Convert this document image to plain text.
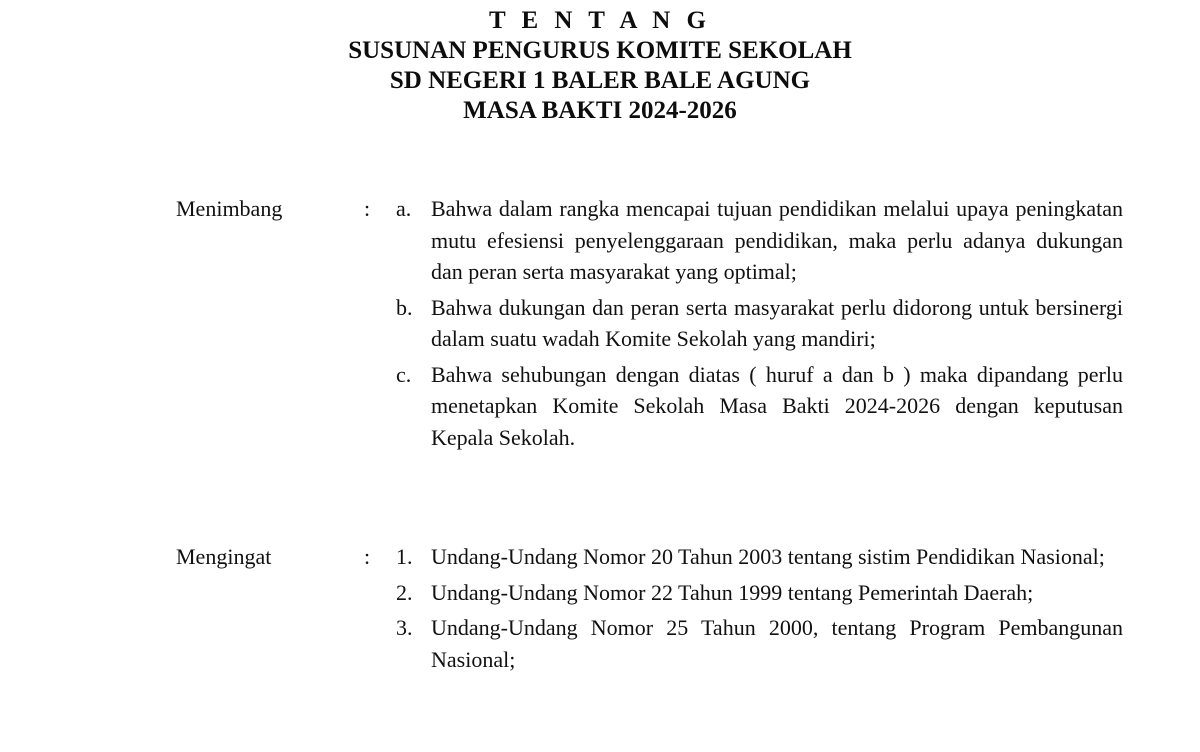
T E N T A N G
SUSUNAN PENGURUS KOMITE SEKOLAH
SD NEGERI 1 BALER BALE AGUNG
MASA BAKTI 2024-2026
Menimbang	: a. Bahwa dalam rangka mencapai tujuan pendidikan melalui upaya peningkatan mutu efesiensi penyelenggaraan pendidikan, maka perlu adanya dukungan dan peran serta masyarakat yang optimal;
b. Bahwa dukungan dan peran serta masyarakat perlu didorong untuk bersinergi dalam suatu wadah Komite Sekolah yang mandiri;
c. Bahwa sehubungan dengan diatas ( huruf a dan b ) maka dipandang perlu menetapkan Komite Sekolah Masa Bakti 2024-2026 dengan keputusan Kepala Sekolah.
Mengingat	: 1. Undang-Undang Nomor 20 Tahun 2003 tentang sistim Pendidikan Nasional;
2. Undang-Undang Nomor 22 Tahun 1999 tentang Pemerintah Daerah;
3. Undang-Undang Nomor 25 Tahun 2000, tentang Program Pembangunan Nasional;
